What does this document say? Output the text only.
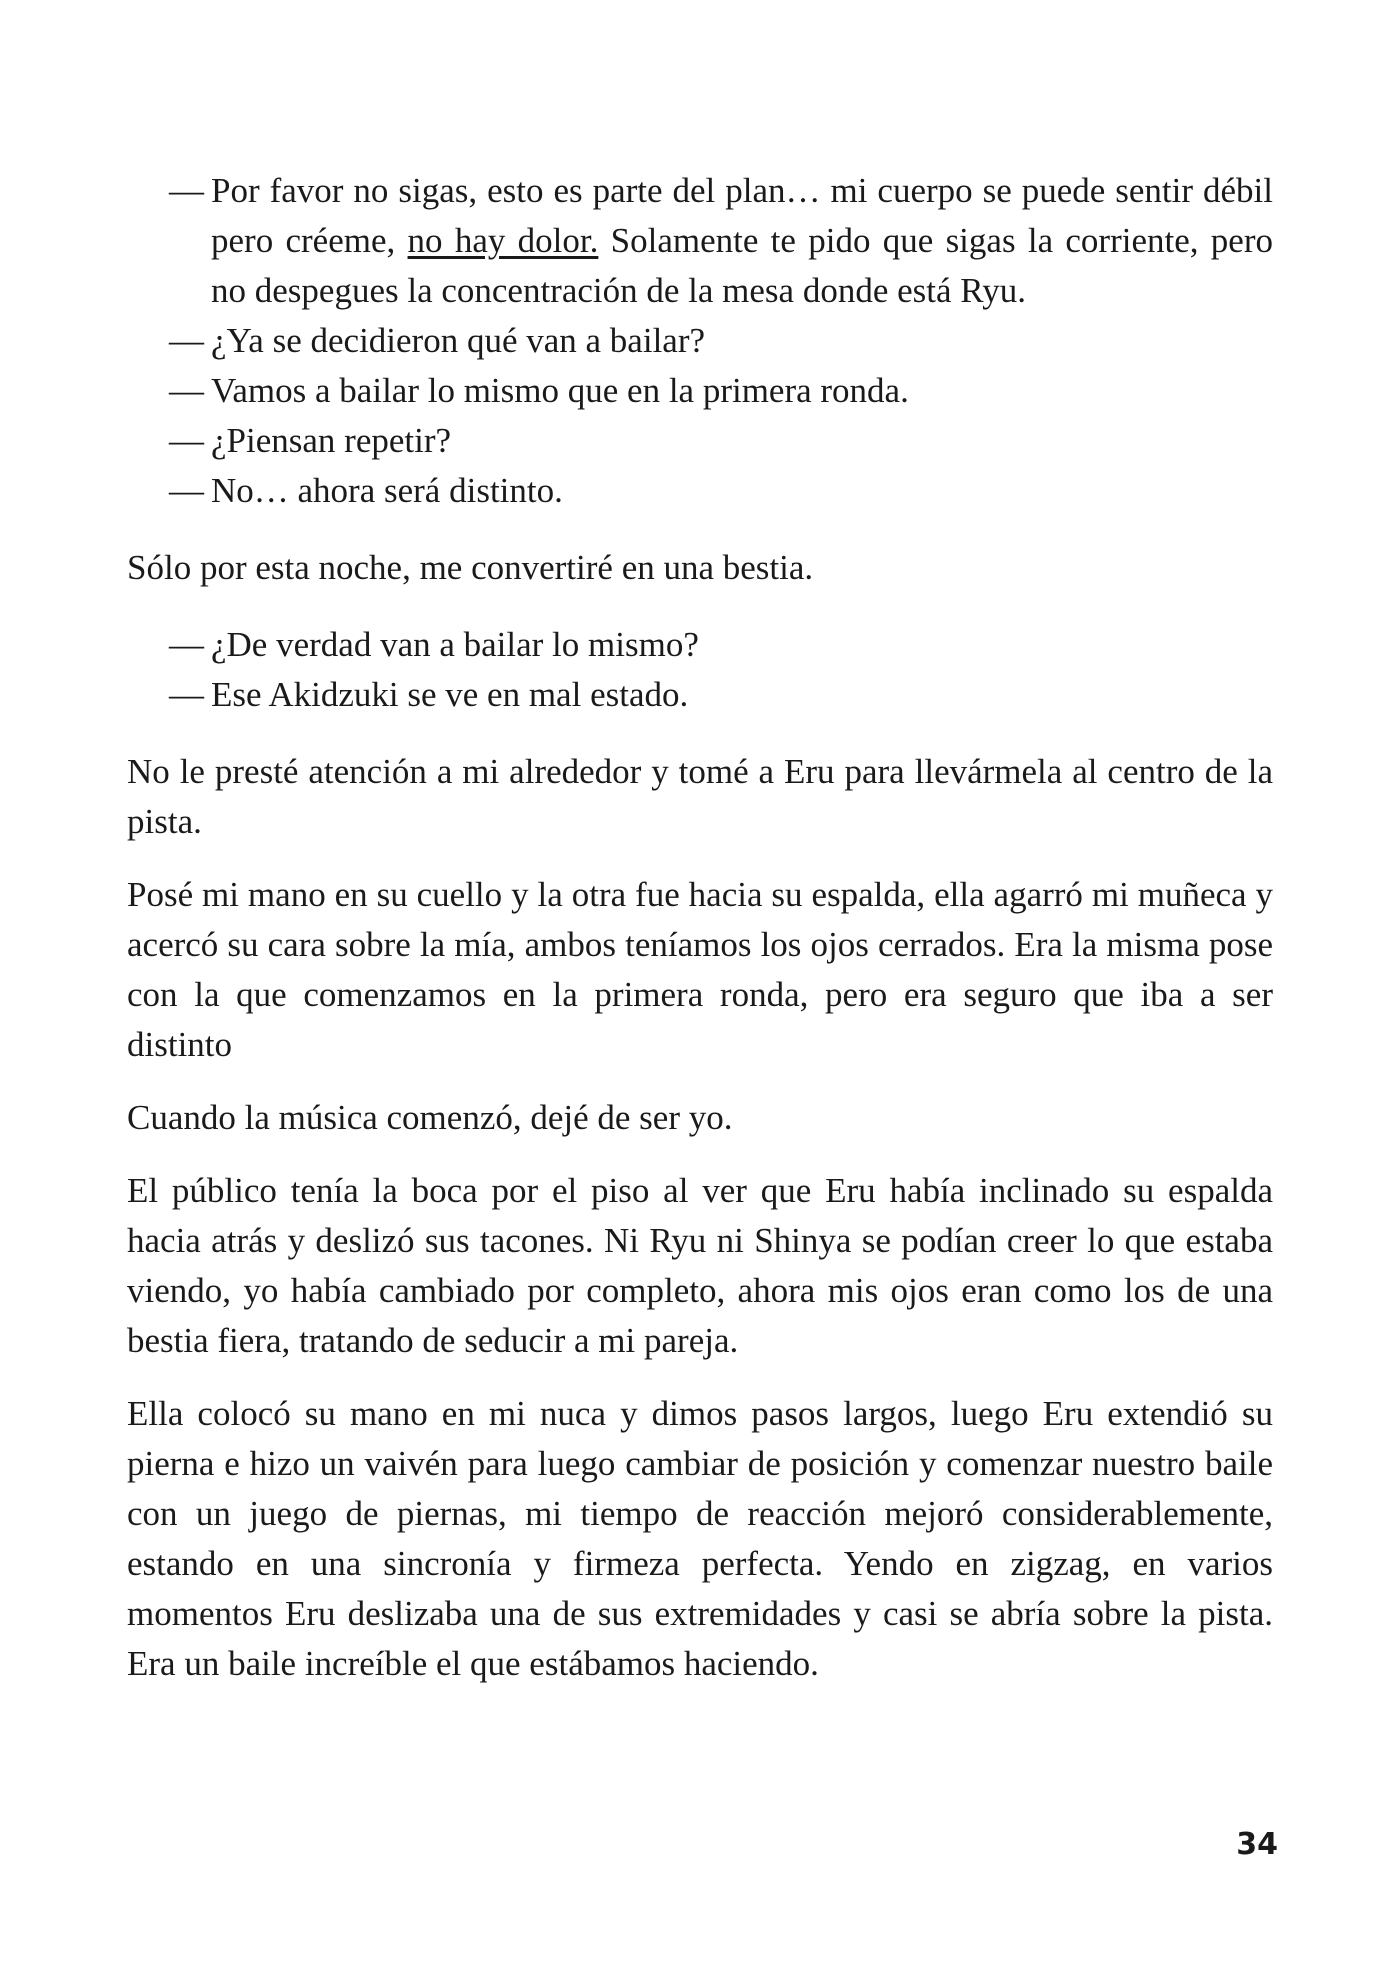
— Por favor no sigas, esto es parte del plan… mi cuerpo se puede sentir débil pero créeme, no hay dolor. Solamente te pido que sigas la corriente, pero no despegues la concentración de la mesa donde está Ryu.
— ¿Ya se decidieron qué van a bailar?
— Vamos a bailar lo mismo que en la primera ronda.
— ¿Piensan repetir?
— No… ahora será distinto.

Sólo por esta noche, me convertiré en una bestia.

— ¿De verdad van a bailar lo mismo?
— Ese Akidzuki se ve en mal estado.

No le presté atención a mi alrededor y tomé a Eru para llevármela al centro de la pista.

Posé mi mano en su cuello y la otra fue hacia su espalda, ella agarró mi muñeca y acercó su cara sobre la mía, ambos teníamos los ojos cerrados. Era la misma pose con la que comenzamos en la primera ronda, pero era seguro que iba a ser distinto

Cuando la música comenzó, dejé de ser yo.

El público tenía la boca por el piso al ver que Eru había inclinado su espalda hacia atrás y deslizó sus tacones. Ni Ryu ni Shinya se podían creer lo que estaba viendo, yo había cambiado por completo, ahora mis ojos eran como los de una bestia fiera, tratando de seducir a mi pareja.

Ella colocó su mano en mi nuca y dimos pasos largos, luego Eru extendió su pierna e hizo un vaivén para luego cambiar de posición y comenzar nuestro baile con un juego de piernas, mi tiempo de reacción mejoró considerablemente, estando en una sincronía y firmeza perfecta. Yendo en zigzag, en varios momentos Eru deslizaba una de sus extremidades y casi se abría sobre la pista. Era un baile increíble el que estábamos haciendo.

34
